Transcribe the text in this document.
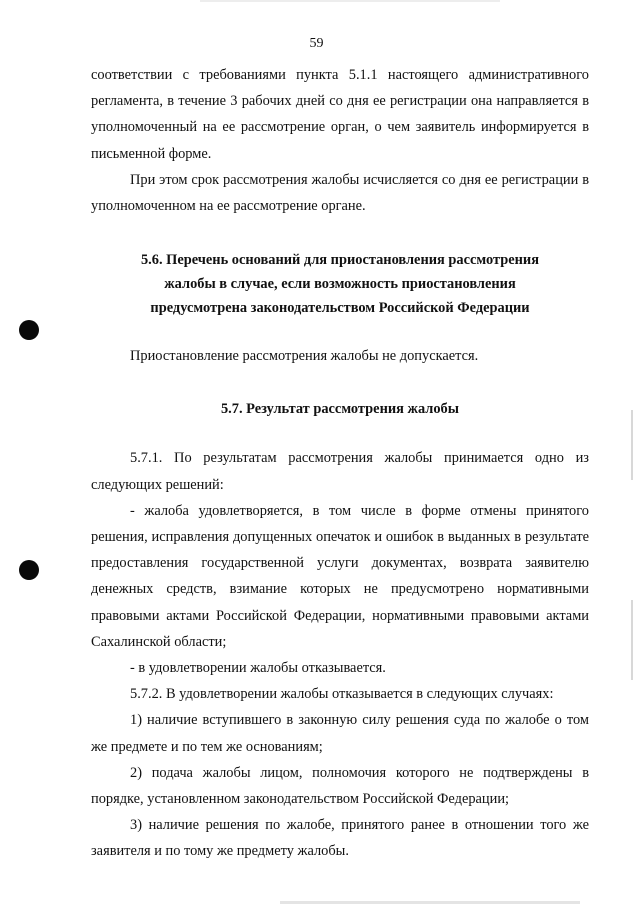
59

соответствии с требованиями пункта 5.1.1 настоящего административного регламента, в течение 3 рабочих дней со дня ее регистрации она направляется в уполномоченный на ее рассмотрение орган, о чем заявитель информируется в письменной форме.

При этом срок рассмотрения жалобы исчисляется со дня ее регистрации в уполномоченном на ее рассмотрение органе.

5.6. Перечень оснований для приостановления рассмотрения
жалобы в случае, если возможность приостановления
предусмотрена законодательством Российской Федерации

Приостановление рассмотрения жалобы не допускается.

5.7. Результат рассмотрения жалобы

5.7.1. По результатам рассмотрения жалобы принимается одно из следующих решений:

- жалоба удовлетворяется, в том числе в форме отмены принятого решения, исправления допущенных опечаток и ошибок в выданных в результате предоставления государственной услуги документах, возврата заявителю денежных средств, взимание которых не предусмотрено нормативными правовыми актами Российской Федерации, нормативными правовыми актами Сахалинской области;

- в удовлетворении жалобы отказывается.

5.7.2. В удовлетворении жалобы отказывается в следующих случаях:

1) наличие вступившего в законную силу решения суда по жалобе о том же предмете и по тем же основаниям;

2) подача жалобы лицом, полномочия которого не подтверждены в порядке, установленном законодательством Российской Федерации;

3) наличие решения по жалобе, принятого ранее в отношении того же заявителя и по тому же предмету жалобы.
